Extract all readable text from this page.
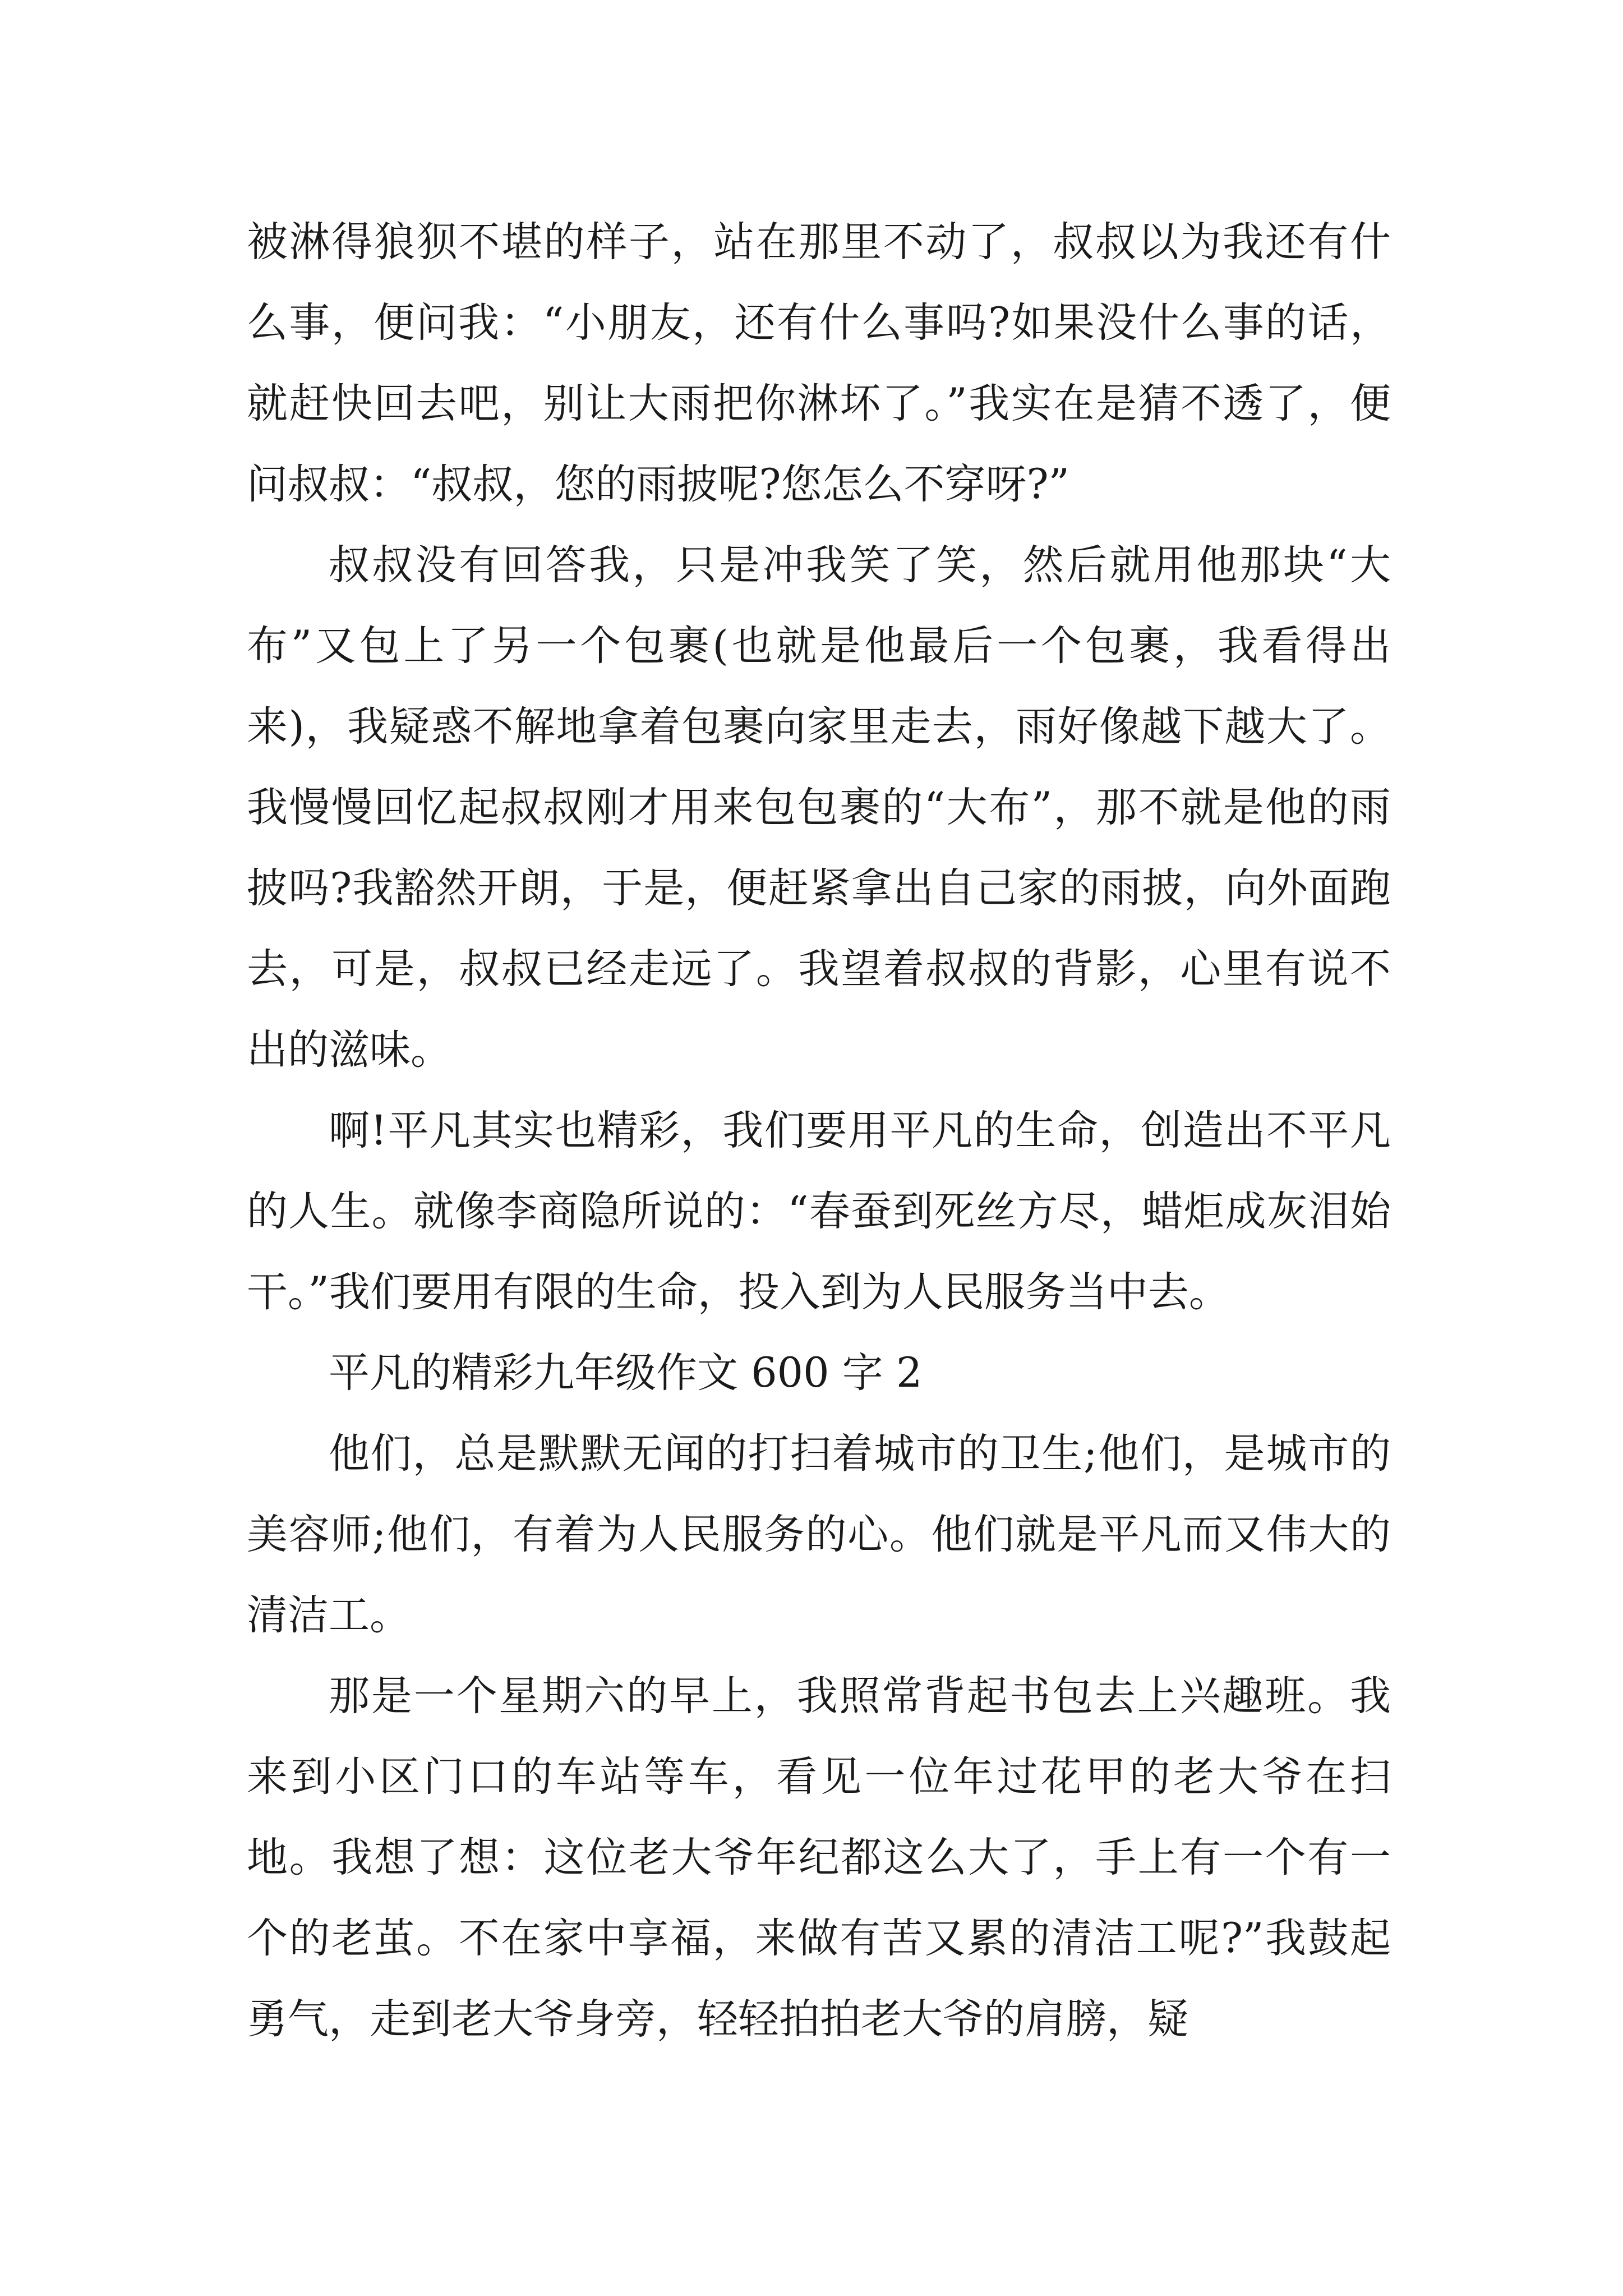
被淋得狼狈不堪的样子，站在那里不动了，叔叔以为我还有什么事，便问我：“小朋友，还有什么事吗?如果没什么事的话，就赶快回去吧，别让大雨把你淋坏了。”我实在是猜不透了，便问叔叔：“叔叔，您的雨披呢?您怎么不穿呀?”

叔叔没有回答我，只是冲我笑了笑，然后就用他那块“大布”又包上了另一个包裹(也就是他最后一个包裹，我看得出来)，我疑惑不解地拿着包裹向家里走去，雨好像越下越大了。我慢慢回忆起叔叔刚才用来包包裹的“大布”，那不就是他的雨披吗?我豁然开朗，于是，便赶紧拿出自己家的雨披，向外面跑去，可是，叔叔已经走远了。我望着叔叔的背影，心里有说不出的滋味。

啊!平凡其实也精彩，我们要用平凡的生命，创造出不平凡的人生。就像李商隐所说的：“春蚕到死丝方尽，蜡炬成灰泪始干。”我们要用有限的生命，投入到为人民服务当中去。

平凡的精彩九年级作文 600 字 2

他们，总是默默无闻的打扫着城市的卫生;他们，是城市的美容师;他们，有着为人民服务的心。他们就是平凡而又伟大的清洁工。

那是一个星期六的早上，我照常背起书包去上兴趣班。我来到小区门口的车站等车，看见一位年过花甲的老大爷在扫地。我想了想：这位老大爷年纪都这么大了，手上有一个有一个的老茧。不在家中享福，来做有苦又累的清洁工呢?”我鼓起勇气，走到老大爷身旁，轻轻拍拍老大爷的肩膀，疑
